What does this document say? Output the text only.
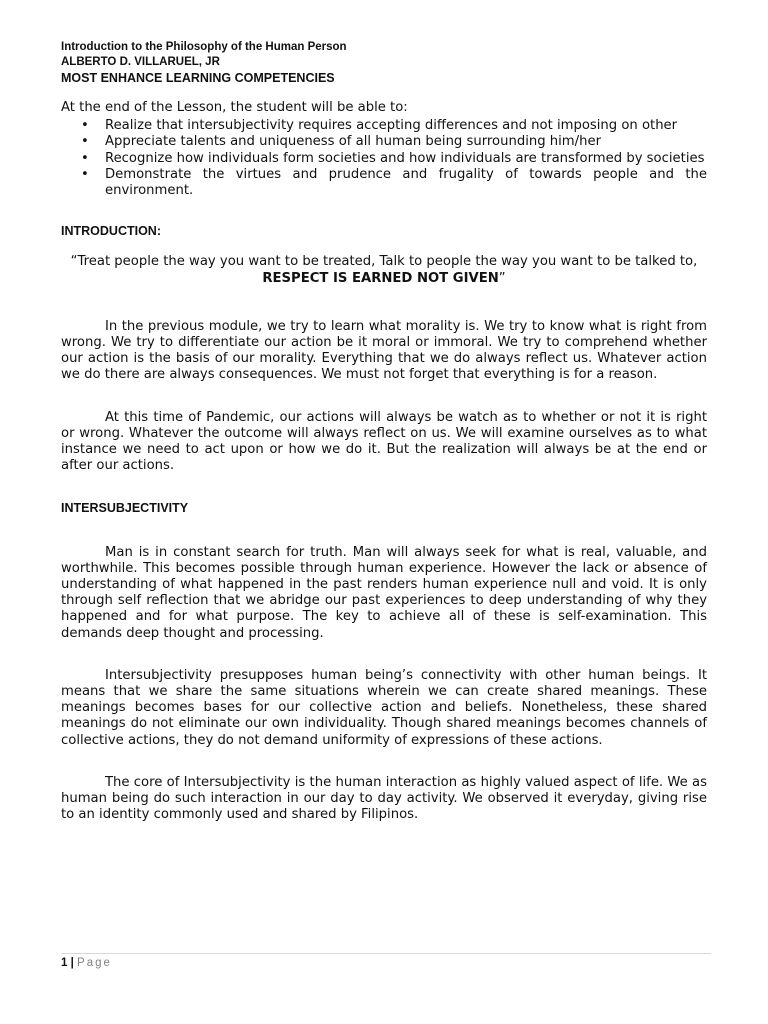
Introduction to the Philosophy of the Human Person

ALBERTO D. VILLARUEL, JR

MOST ENHANCE LEARNING COMPETENCIES

At the end of the Lesson, the student will be able to:

• Realize that intersubjectivity requires accepting differences and not imposing on other
• Appreciate talents and uniqueness of all human being surrounding him/her
• Recognize how individuals form societies and how individuals are transformed by societies
• Demonstrate the virtues and prudence and frugality of towards people and the environment.

INTRODUCTION:

“Treat people the way you want to be treated, Talk to people the way you want to be talked to, RESPECT IS EARNED NOT GIVEN”

In the previous module, we try to learn what morality is. We try to know what is right from wrong. We try to differentiate our action be it moral or immoral. We try to comprehend whether our action is the basis of our morality. Everything that we do always reflect us. Whatever action we do there are always consequences. We must not forget that everything is for a reason.

At this time of Pandemic, our actions will always be watch as to whether or not it is right or wrong. Whatever the outcome will always reflect on us. We will examine ourselves as to what instance we need to act upon or how we do it. But the realization will always be at the end or after our actions.

INTERSUBJECTIVITY

Man is in constant search for truth. Man will always seek for what is real, valuable, and worthwhile. This becomes possible through human experience. However the lack or absence of understanding of what happened in the past renders human experience null and void. It is only through self reflection that we abridge our past experiences to deep understanding of why they happened and for what purpose. The key to achieve all of these is self-examination. This demands deep thought and processing.

Intersubjectivity presupposes human being’s connectivity with other human beings. It means that we share the same situations wherein we can create shared meanings. These meanings becomes bases for our collective action and beliefs. Nonetheless, these shared meanings do not eliminate our own individuality. Though shared meanings becomes channels of collective actions, they do not demand uniformity of expressions of these actions.

The core of Intersubjectivity is the human interaction as highly valued aspect of life. We as human being do such interaction in our day to day activity. We observed it everyday, giving rise to an identity commonly used and shared by Filipinos.

1 | Page
